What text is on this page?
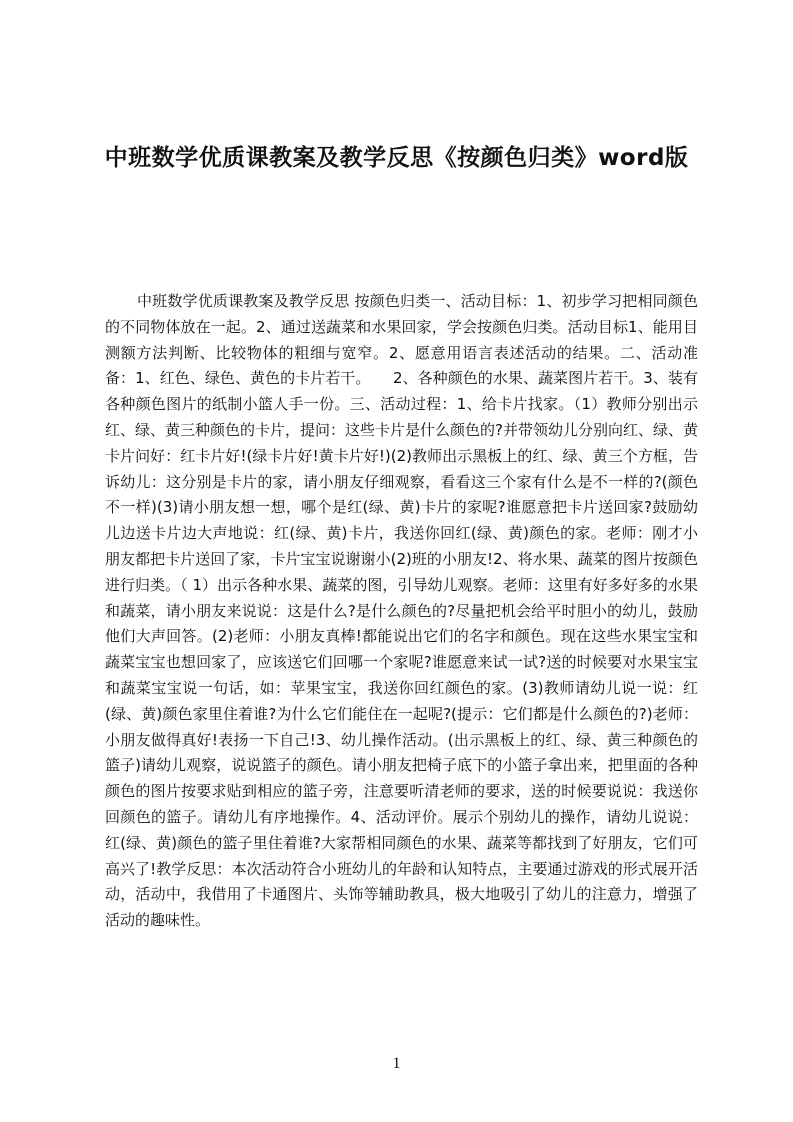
中班数学优质课教案及教学反思《按颜色归类》word版

中班数学优质课教案及教学反思 按颜色归类一、活动目标：1、初步学习把相同颜色的不同物体放在一起。2、通过送蔬菜和水果回家，学会按颜色归类。活动目标1、能用目测额方法判断、比较物体的粗细与宽窄。2、愿意用语言表述活动的结果。二、活动准备：1、红色、绿色、黄色的卡片若干。　　2、各种颜色的水果、蔬菜图片若干。3、装有各种颜色图片的纸制小篮人手一份。三、活动过程：1、给卡片找家。（1）教师分别出示红、绿、黄三种颜色的卡片，提问：这些卡片是什么颜色的?并带领幼儿分别向红、绿、黄卡片问好：红卡片好!(绿卡片好!黄卡片好!)(2)教师出示黑板上的红、绿、黄三个方框，告诉幼儿：这分别是卡片的家，请小朋友仔细观察，看看这三个家有什么是不一样的?(颜色不一样)(3)请小朋友想一想，哪个是红(绿、黄)卡片的家呢?谁愿意把卡片送回家?鼓励幼儿边送卡片边大声地说：红(绿、黄)卡片，我送你回红(绿、黄)颜色的家。老师：刚才小朋友都把卡片送回了家，卡片宝宝说谢谢小(2)班的小朋友!2、将水果、蔬菜的图片按颜色进行归类。（ 1）出示各种水果、蔬菜的图，引导幼儿观察。老师：这里有好多好多的水果和蔬菜，请小朋友来说说：这是什么?是什么颜色的?尽量把机会给平时胆小的幼儿，鼓励他们大声回答。(2)老师：小朋友真棒!都能说出它们的名字和颜色。现在这些水果宝宝和蔬菜宝宝也想回家了，应该送它们回哪一个家呢?谁愿意来试一试?送的时候要对水果宝宝和蔬菜宝宝说一句话，如：苹果宝宝，我送你回红颜色的家。(3)教师请幼儿说一说：红(绿、黄)颜色家里住着谁?为什么它们能住在一起呢?(提示：它们都是什么颜色的?)老师：小朋友做得真好!表扬一下自己!3、幼儿操作活动。(出示黑板上的红、绿、黄三种颜色的篮子)请幼儿观察，说说篮子的颜色。请小朋友把椅子底下的小篮子拿出来，把里面的各种颜色的图片按要求贴到相应的篮子旁，注意要听清老师的要求，送的时候要说说：我送你回颜色的篮子。请幼儿有序地操作。4、活动评价。展示个别幼儿的操作，请幼儿说说：红(绿、黄)颜色的篮子里住着谁?大家帮相同颜色的水果、蔬菜等都找到了好朋友，它们可高兴了!教学反思：本次活动符合小班幼儿的年龄和认知特点，主要通过游戏的形式展开活动，活动中，我借用了卡通图片、头饰等辅助教具，极大地吸引了幼儿的注意力，增强了活动的趣味性。

1
